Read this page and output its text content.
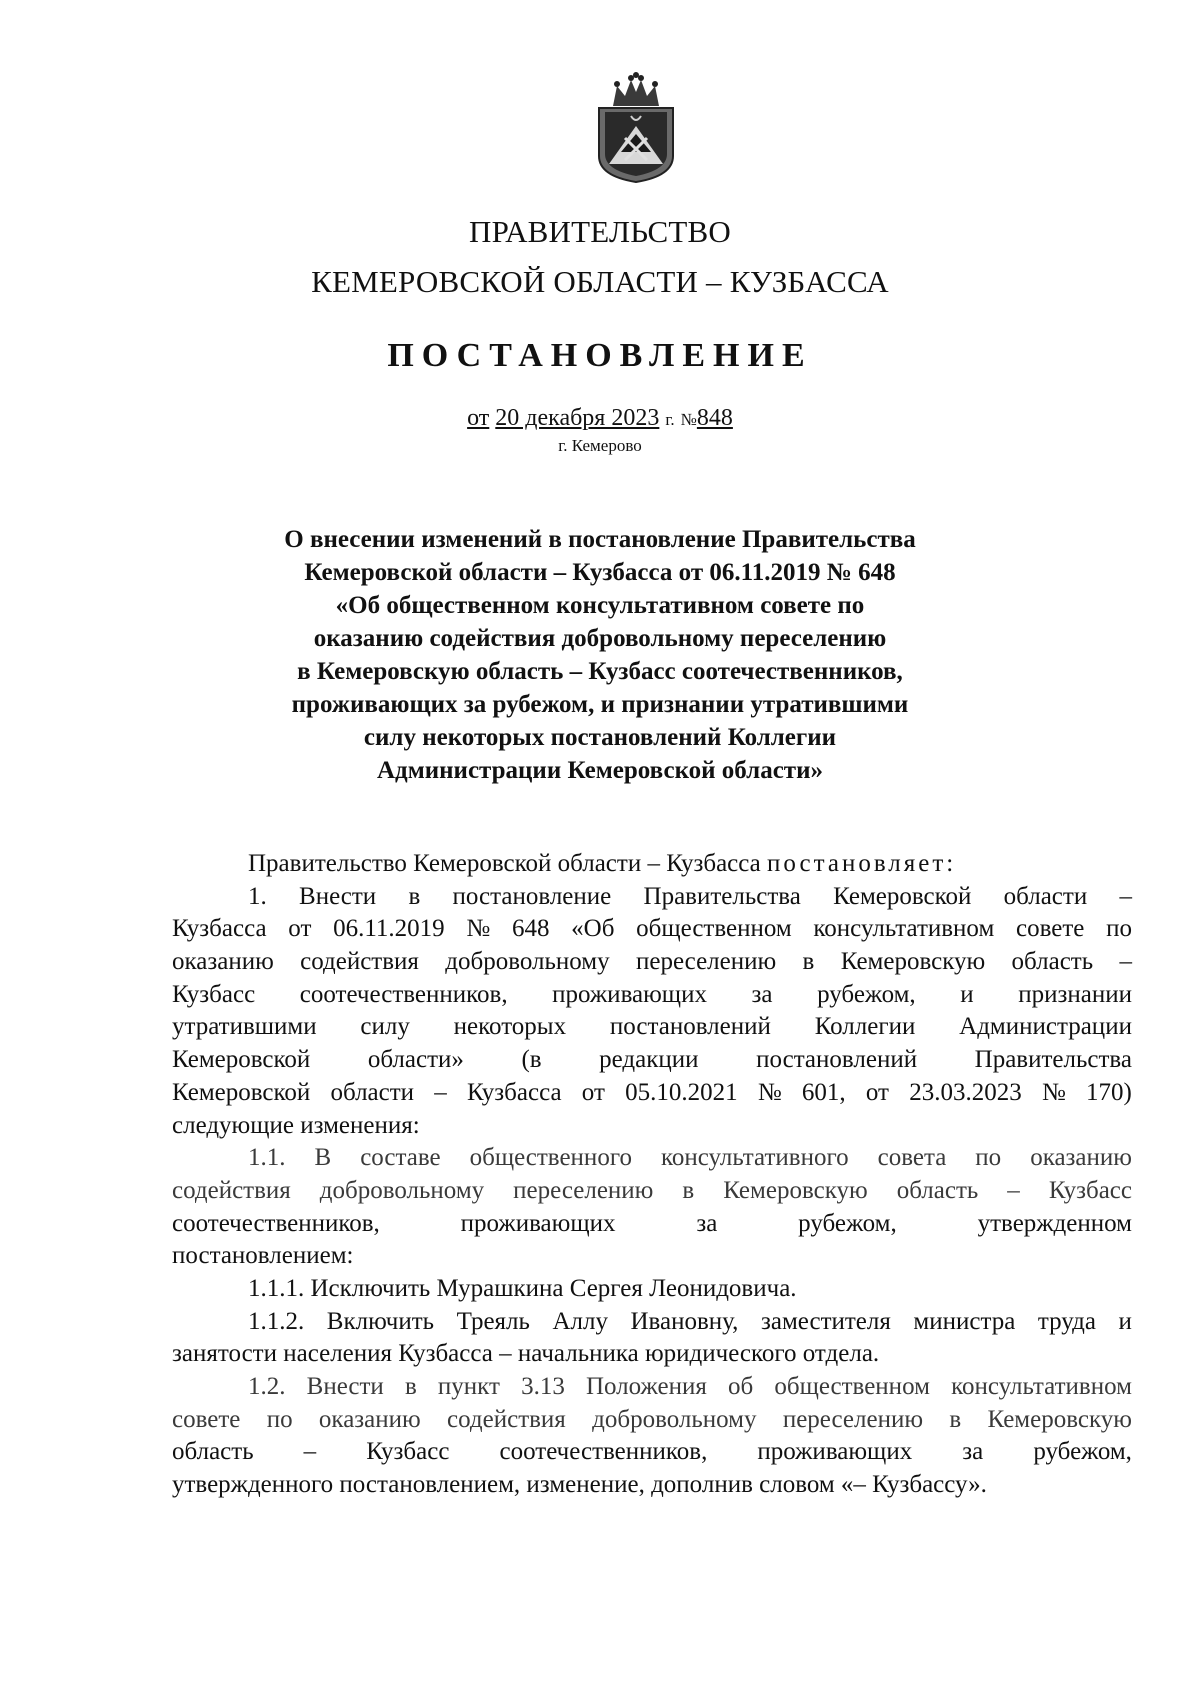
ПРАВИТЕЛЬСТВО
КЕМЕРОВСКОЙ ОБЛАСТИ – КУЗБАССА
ПОСТАНОВЛЕНИЕ
от 20 декабря 2023 г. №848
г. Кемерово
О внесении изменений в постановление Правительства
Кемеровской области – Кузбасса от 06.11.2019 № 648
«Об общественном консультативном совете по
оказанию содействия добровольному переселению
в Кемеровскую область – Кузбасс соотечественников,
проживающих за рубежом, и признании утратившими
силу некоторых постановлений Коллегии
Администрации Кемеровской области»
Правительство Кемеровской области – Кузбасса постановляет:
1. Внести в постановление Правительства Кемеровской области –
Кузбасса от 06.11.2019 № 648 «Об общественном консультативном совете по
оказанию содействия добровольному переселению в Кемеровскую область –
Кузбасс соотечественников, проживающих за рубежом, и признании
утратившими силу некоторых постановлений Коллегии Администрации
Кемеровской области» (в редакции постановлений Правительства
Кемеровской области – Кузбасса от 05.10.2021 № 601, от 23.03.2023 № 170)
следующие изменения:
1.1. В составе общественного консультативного совета по оказанию
содействия добровольному переселению в Кемеровскую область – Кузбасс
соотечественников,	проживающих	за	рубежом,	утвержденном
постановлением:
1.1.1. Исключить Мурашкина Сергея Леонидовича.
1.1.2. Включить Треяль Аллу Ивановну, заместителя министра труда и
занятости населения Кузбасса – начальника юридического отдела.
1.2. Внести в пункт 3.13 Положения об общественном консультативном
совете по оказанию содействия добровольному переселению в Кемеровскую
область – Кузбасс соотечественников, проживающих за рубежом,
утвержденного постановлением, изменение, дополнив словом «– Кузбассу».
